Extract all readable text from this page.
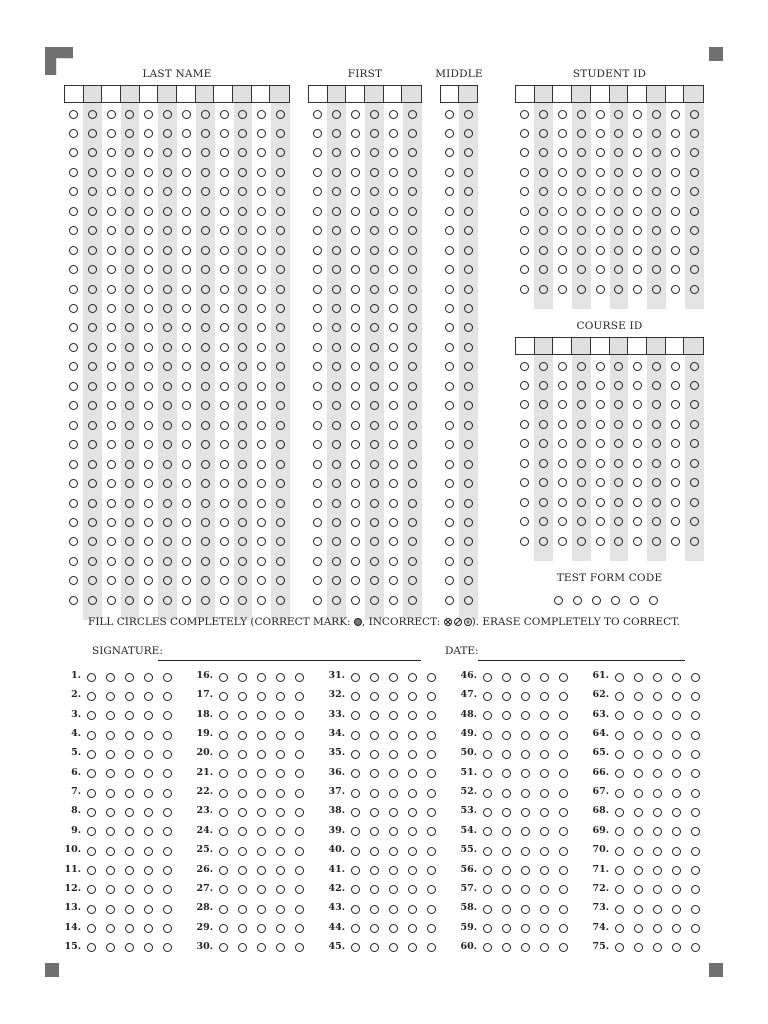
LAST NAME	FIRST	MIDDLE	STUDENT ID
COURSE ID
TEST FORM CODE
FILL CIRCLES COMPLETELY (CORRECT MARK: , INCORRECT:	). ERASE COMPLETELY TO CORRECT.
SIGNATURE:	DATE:
1.
2.
3.
4.
5.
6.
7.
8.
9.
10.
11.
12.
13.
14.
15.
16.
17.
18.
19.
20.
21.
22.
23.
24.
25.
26.
27.
28.
29.
30.
31.
32.
33.
34.
35.
36.
37.
38.
39.
40.
41.
42.
43.
44.
45.
46.
47.
48.
49.
50.
51.
52.
53.
54.
55.
56.
57.
58.
59.
60.
61.
62.
63.
64.
65.
66.
67.
68.
69.
70.
71.
72.
73.
74.
75.
